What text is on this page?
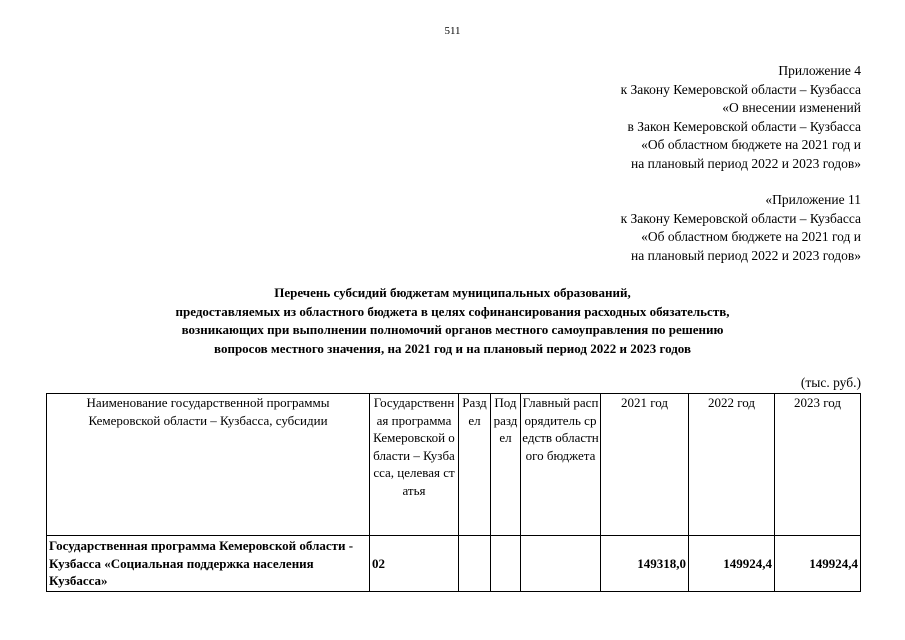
511
Приложение 4
к Закону Кемеровской области – Кузбасса
«О внесении изменений
в Закон Кемеровской области – Кузбасса
«Об областном бюджете на 2021 год и
на плановый период 2022 и 2023 годов»
«Приложение 11
к Закону Кемеровской области – Кузбасса
«Об областном бюджете на 2021 год и
на плановый период 2022 и 2023 годов»
Перечень субсидий бюджетам муниципальных образований,
предоставляемых из областного бюджета в целях софинансирования расходных обязательств,
возникающих при выполнении полномочий органов местного самоуправления по решению
вопросов местного значения, на 2021 год и на плановый период 2022 и 2023 годов
(тыс. руб.)
Наименование государственной программы Кемеровской области – Кузбасса, субсидии	Государственная программа Кемеровской области – Кузбасса, целевая статья	Раздел	Подраздел	Главный распорядитель средств областного бюджета	2021 год	2022 год	2023 год
Государственная программа Кемеровской области - Кузбасса «Социальная поддержка населения Кузбасса»	02				149318,0	149924,4	149924,4
